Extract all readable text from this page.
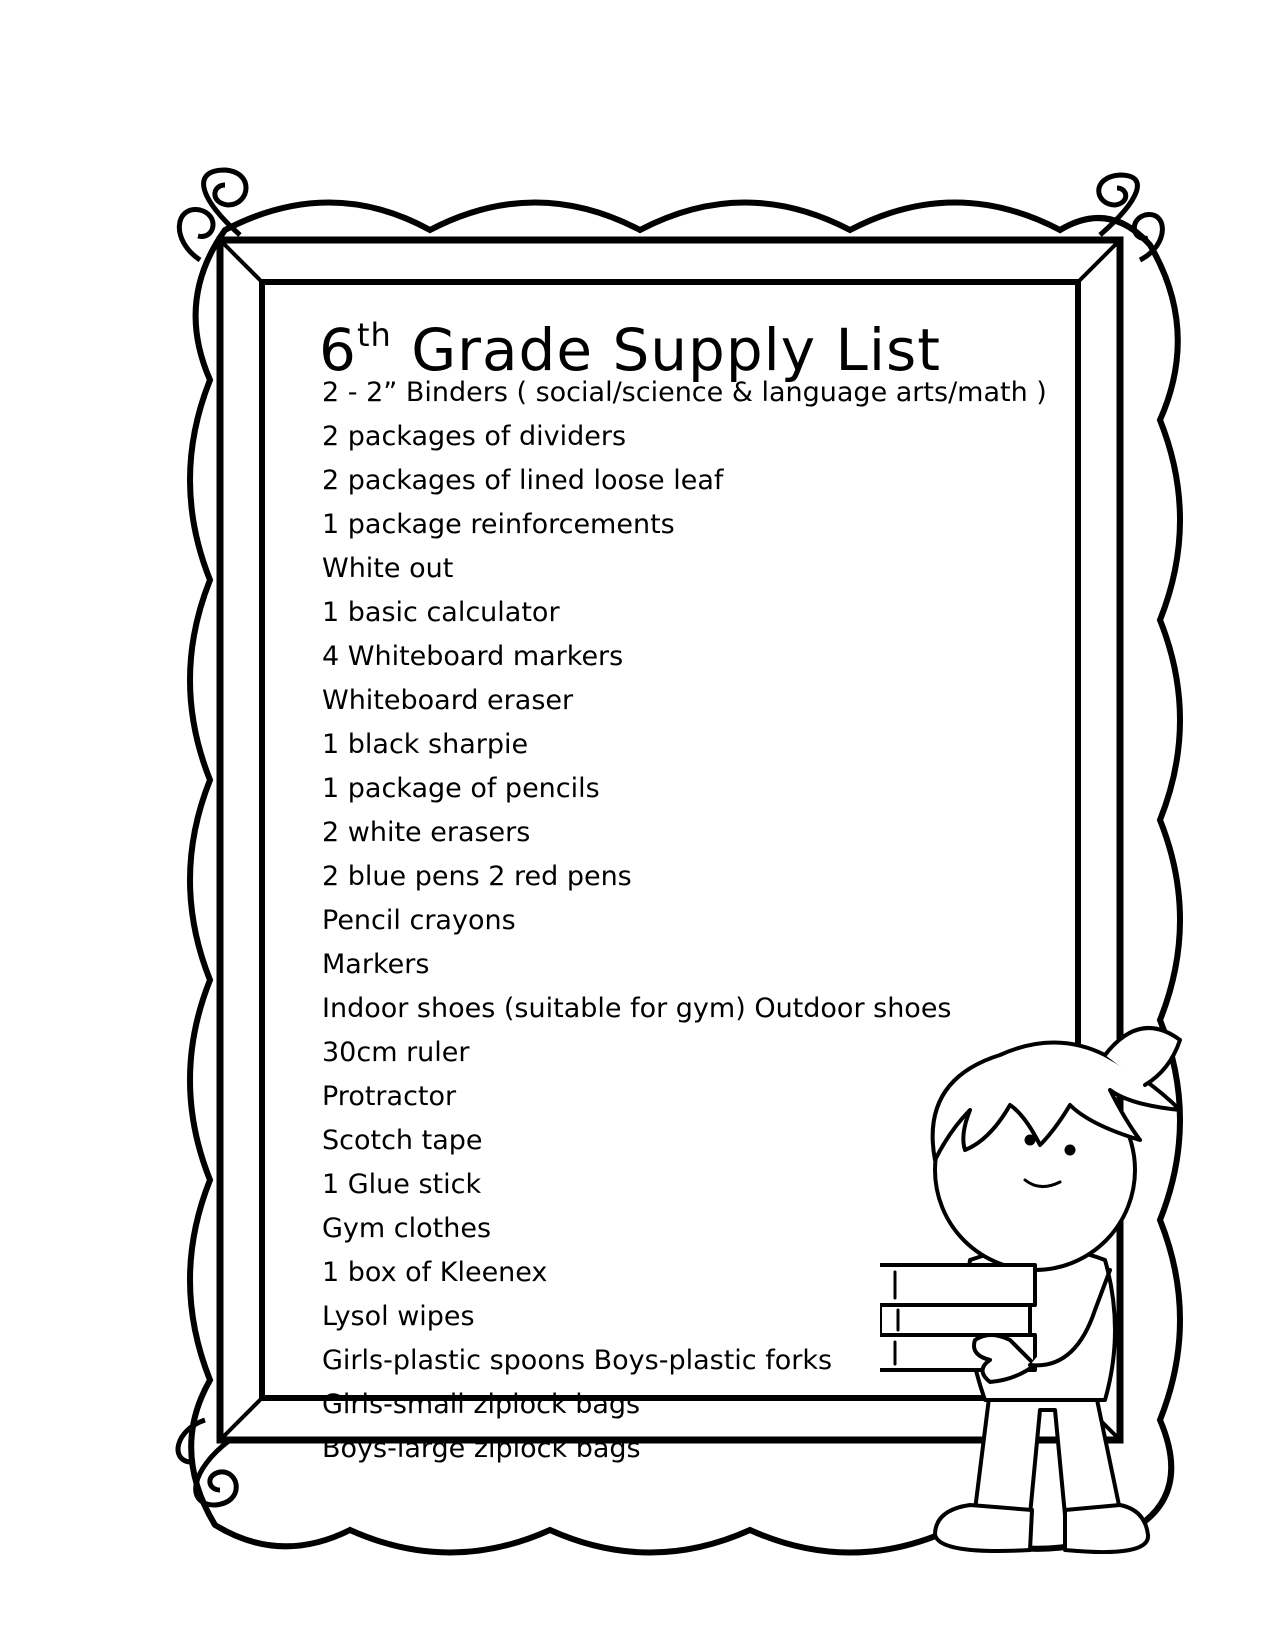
6th Grade Supply List
2 - 2” Binders ( social/science & language arts/math )
2 packages of dividers
2 packages of lined loose leaf
1 package reinforcements
White out
1 basic calculator
4 Whiteboard markers
Whiteboard eraser
1 black sharpie
1 package of pencils
2 white erasers
2 blue pens 2 red pens
Pencil crayons
Markers
Indoor shoes (suitable for gym) Outdoor shoes
30cm ruler
Protractor
Scotch tape
1 Glue stick
Gym clothes
1 box of Kleenex
Lysol wipes
Girls-plastic spoons Boys-plastic forks
Girls-small ziplock bags
Boys-large ziplock bags
